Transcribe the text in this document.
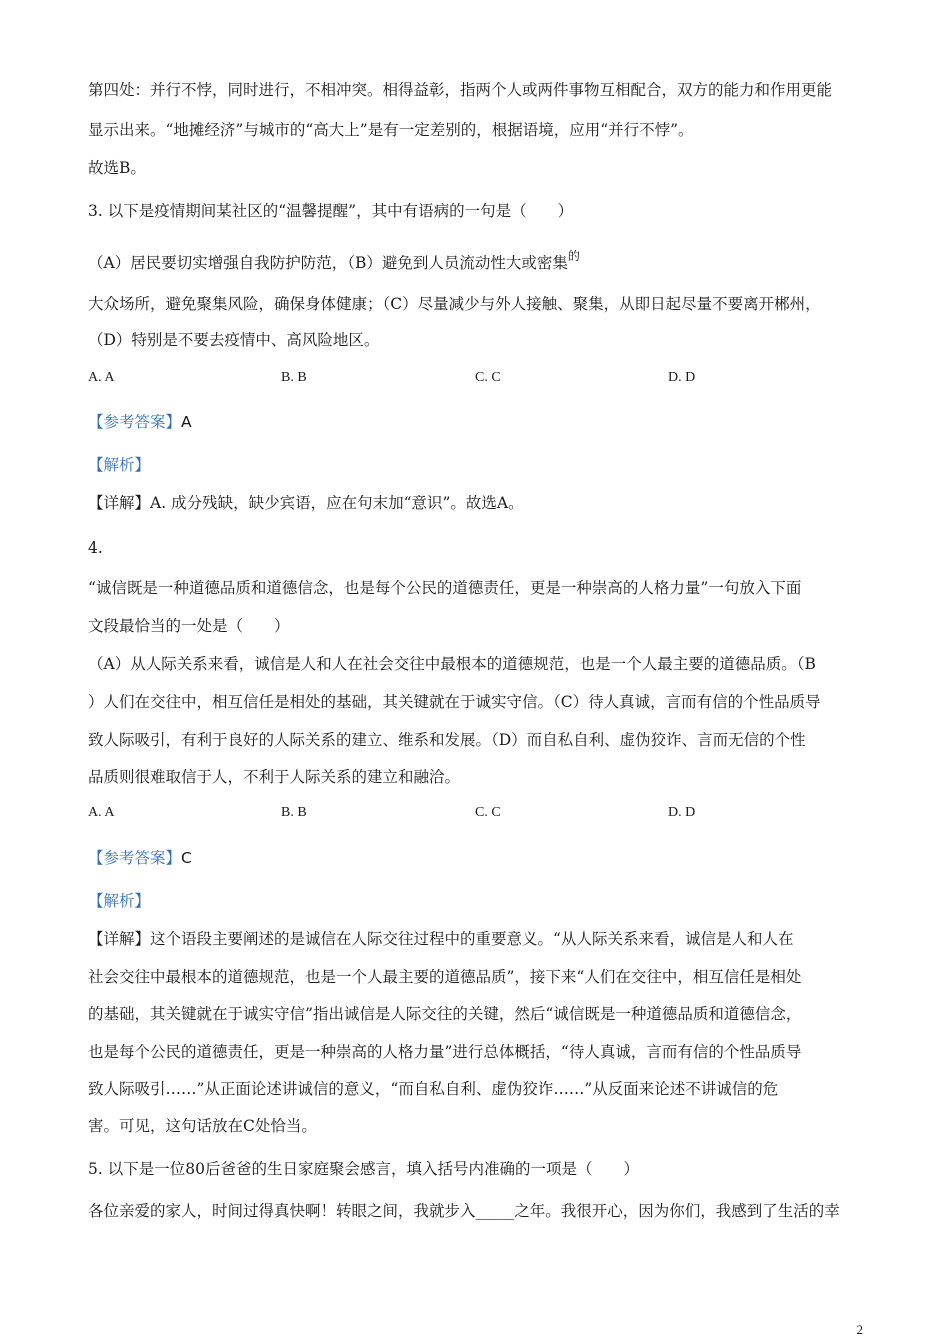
第四处：并行不悖，同时进行，不相冲突。相得益彰，指两个人或两件事物互相配合，双方的能力和作用更能
显示出来。“地摊经济”与城市的“高大上”是有一定差别的，根据语境，应用“并行不悖”。
故选B。
3. 以下是疫情期间某社区的“温馨提醒”，其中有语病的一句是（　　）
（A）居民要切实增强自我防护防范，（B）避免到人员流动性大或密集$^的$
大众场所，避免聚集风险，确保身体健康；（C）尽量减少与外人接触、聚集，从即日起尽量不要离开郴州，
（D）特别是不要去疫情中、高风险地区。
A. A	B. B	C. C	D. D
【参考答案】A
【解析】
【详解】A. 成分残缺，缺少宾语，应在句末加“意识”。故选A。
4.
“诚信既是一种道德品质和道德信念，也是每个公民的道德责任，更是一种崇高的人格力量”一句放入下面
文段最恰当的一处是（　　）
（A）从人际关系来看，诚信是人和人在社会交往中最根本的道德规范，也是一个人最主要的道德品质。（B
）人们在交往中，相互信任是相处的基础，其关键就在于诚实守信。（C）待人真诚，言而有信的个性品质导
致人际吸引，有利于良好的人际关系的建立、维系和发展。（D）而自私自利、虚伪狡诈、言而无信的个性
品质则很难取信于人，不利于人际关系的建立和融洽。
A. A	B. B	C. C	D. D
【参考答案】C
【解析】
【详解】这个语段主要阐述的是诚信在人际交往过程中的重要意义。“从人际关系来看，诚信是人和人在
社会交往中最根本的道德规范，也是一个人最主要的道德品质”，接下来“人们在交往中，相互信任是相处
的基础，其关键就在于诚实守信”指出诚信是人际交往的关键，然后“诚信既是一种道德品质和道德信念，
也是每个公民的道德责任，更是一种崇高的人格力量”进行总体概括，“待人真诚，言而有信的个性品质导
致人际吸引……”从正面论述讲诚信的意义，“而自私自利、虚伪狡诈……”从反面来论述不讲诚信的危
害。可见，这句话放在C处恰当。
5. 以下是一位80后爸爸的生日家庭聚会感言，填入括号内准确的一项是（　　）
各位亲爱的家人，时间过得真快啊！转眼之间，我就步入_____之年。我很开心，因为你们，我感到了生活的幸
2
